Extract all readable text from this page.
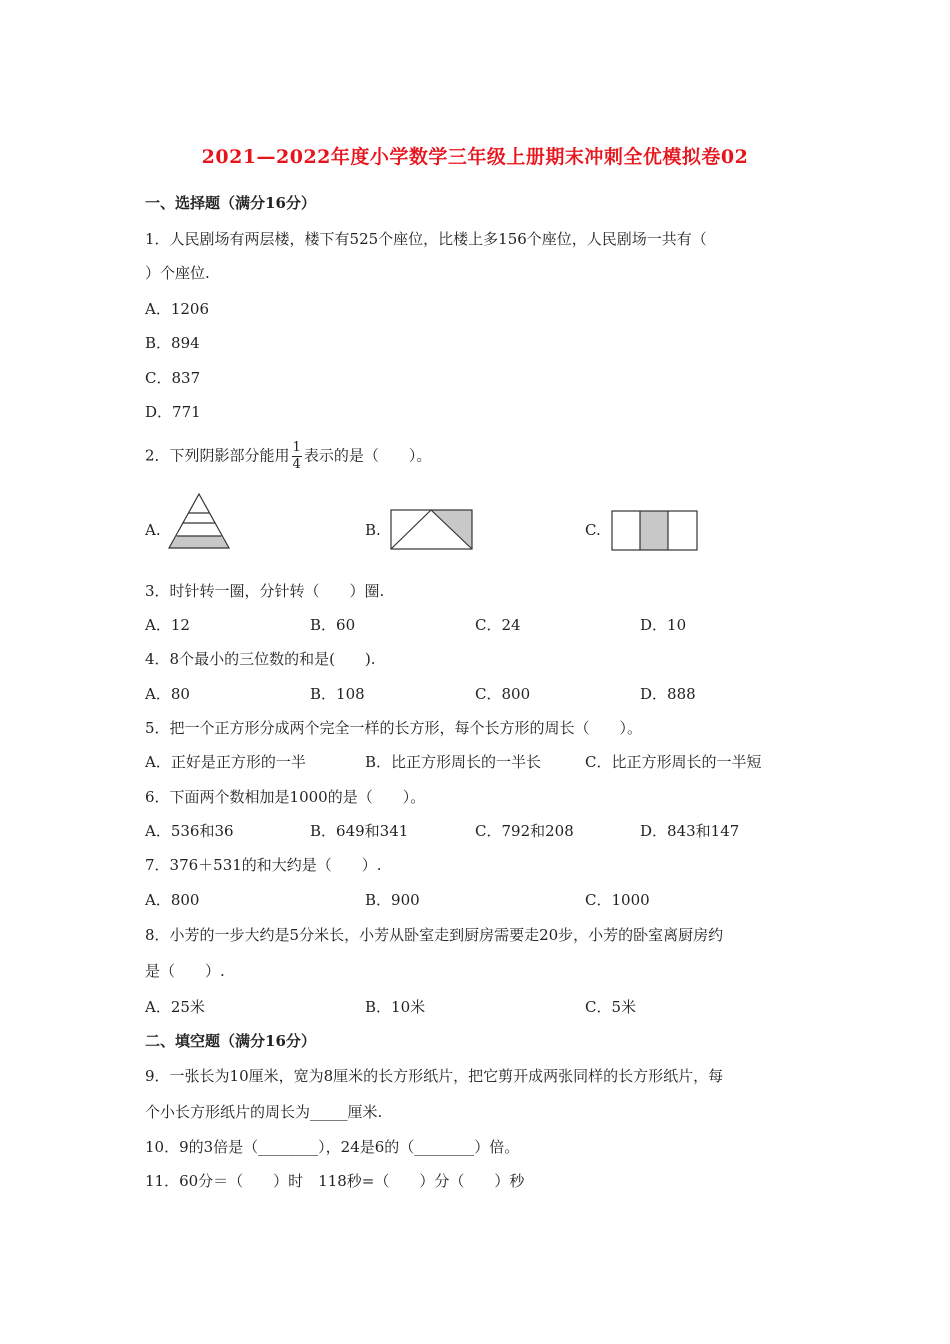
2021—2022年度小学数学三年级上册期末冲刺全优模拟卷02
一、选择题（满分16分）
1．人民剧场有两层楼，楼下有525个座位，比楼上多156个座位，人民剧场一共有（
）个座位.
A．1206
B．894
C．837
D．771
2．下列阴影部分能用 $\frac{1}{4}$ 表示的是（　　）。
A.	B.	C.
3．时针转一圈，分针转（　　）圈.
A．12	B．60	C．24	D．10
4．8个最小的三位数的和是(　　).
A．80	B．108	C．800	D．888
5．把一个正方形分成两个完全一样的长方形，每个长方形的周长（　　）。
A．正好是正方形的一半	B．比正方形周长的一半长	C．比正方形周长的一半短
6．下面两个数相加是1000的是（　　）。
A．536和36	B．649和341	C．792和208	D．843和147
7．376＋531的和大约是（　　）.
A．800	B．900	C．1000
8．小芳的一步大约是5分米长，小芳从卧室走到厨房需要走20步，小芳的卧室离厨房约
是（　　）.
A．25米	B．10米	C．5米
二、填空题（满分16分）
9．一张长为10厘米，宽为8厘米的长方形纸片，把它剪开成两张同样的长方形纸片，每
个小长方形纸片的周长为_____厘米.
10．9的3倍是（________），24是6的（________）倍。
11．60分＝（　　）时　118秒=（　　）分（　　）秒
